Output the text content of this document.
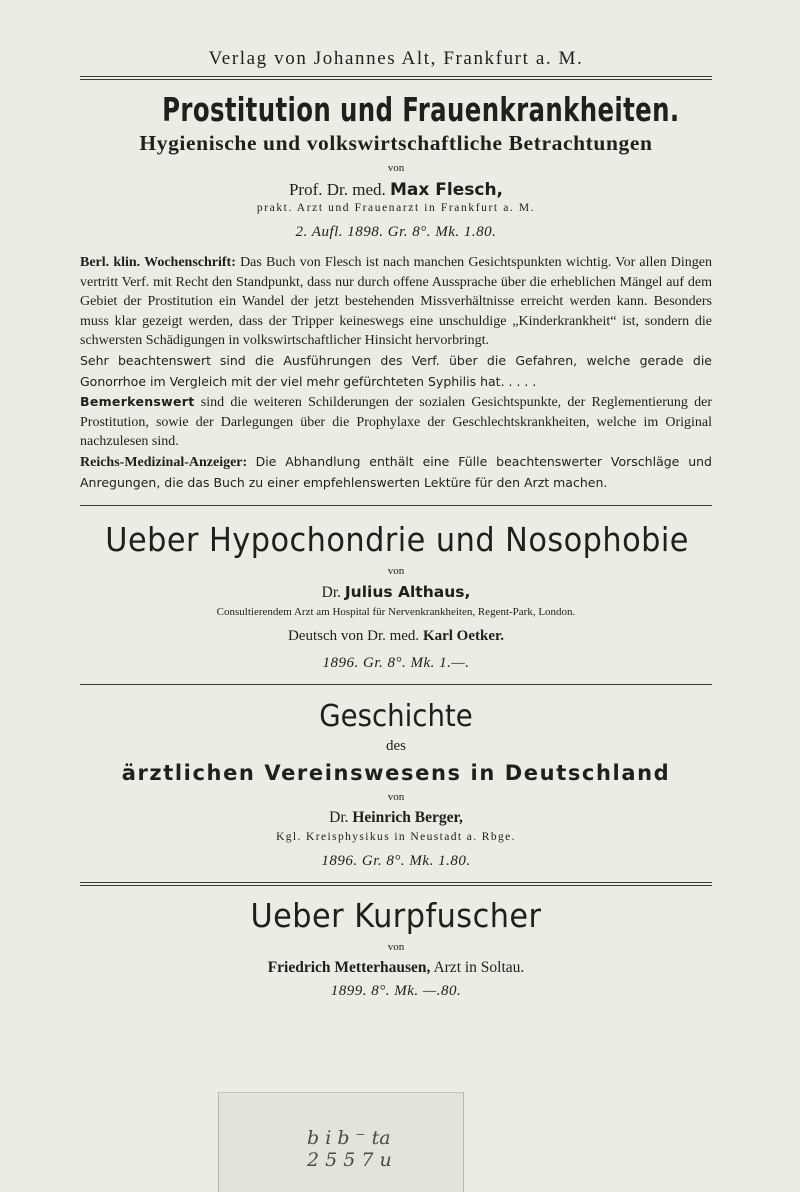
Verlag von Johannes Alt, Frankfurt a. M.
Prostitution und Frauenkrankheiten.
Hygienische und volkswirtschaftliche Betrachtungen
von
Prof. Dr. med. Max Flesch,
prakt. Arzt und Frauenarzt in Frankfurt a. M.
2. Aufl. 1898. Gr. 8°. Mk. 1.80.

Berl. klin. Wochenschrift: Das Buch von Flesch ist nach manchen Gesichtspunkten wichtig. Vor allen Dingen vertritt Verf. mit Recht den Standpunkt, dass nur durch offene Aussprache über die erheblichen Mängel auf dem Gebiet der Prostitution ein Wandel der jetzt bestehenden Missverhältnisse erreicht werden kann. Besonders muss klar gezeigt werden, dass der Tripper keineswegs eine unschuldige „Kinderkrankheit“ ist, sondern die schwersten Schädigungen in volkswirtschaftlicher Hinsicht hervorbringt.

Sehr beachtenswert sind die Ausführungen des Verf. über die Gefahren, welche gerade die Gonorrhoe im Vergleich mit der viel mehr gefürchteten Syphilis hat. . . . .

Bemerkenswert sind die weiteren Schilderungen der sozialen Gesichtspunkte, der Reglementierung der Prostitution, sowie der Darlegungen über die Prophylaxe der Geschlechtskrankheiten, welche im Original nachzulesen sind.

Reichs-Medizinal-Anzeiger: Die Abhandlung enthält eine Fülle beachtenswerter Vorschläge und Anregungen, die das Buch zu einer empfehlenswerten Lektüre für den Arzt machen.

Ueber Hypochondrie und Nosophobie
von
Dr. Julius Althaus,
Consultierendem Arzt am Hospital für Nervenkrankheiten, Regent-Park, London.
Deutsch von Dr. med. Karl Oetker.
1896. Gr. 8°. Mk. 1.—.
Geschichte
des
ärztlichen Vereinswesens in Deutschland
von
Dr. Heinrich Berger,
Kgl. Kreisphysikus in Neustadt a. Rbge.
1896. Gr. 8°. Mk. 1.80.
Ueber Kurpfuscher
von
Friedrich Metterhausen, Arzt in Soltau.
1899. 8°. Mk. —.80.
b i b ⁻ ta
2 5 5 7 u
